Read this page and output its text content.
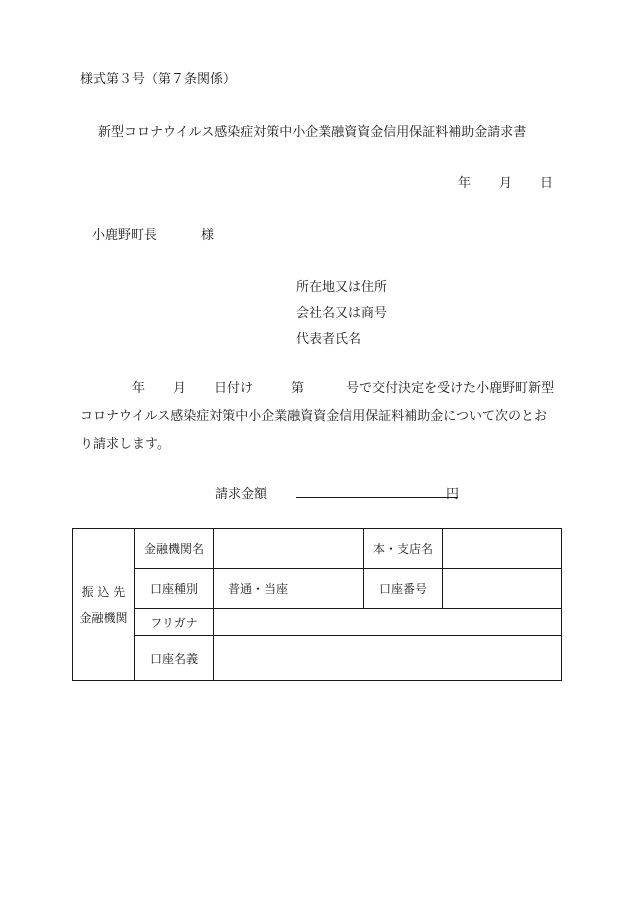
様式第３号（第７条関係）
新型コロナウイルス感染症対策中小企業融資資金信用保証料補助金請求書
年 月 日
小鹿野町長	様
所在地又は住所
会社名又は商号
代表者氏名
年 月 日付け	第	号で交付決定を受けた小鹿野町新型
コロナウイルス感染症対策中小企業融資資金信用保証料補助金について次のとお
り請求します。
請求金額	円
振 込 先
金融機関	金融機関名		本・支店名	
	口座種別	普通・当座	口座番号	
	フリガナ			
	口座名義			
